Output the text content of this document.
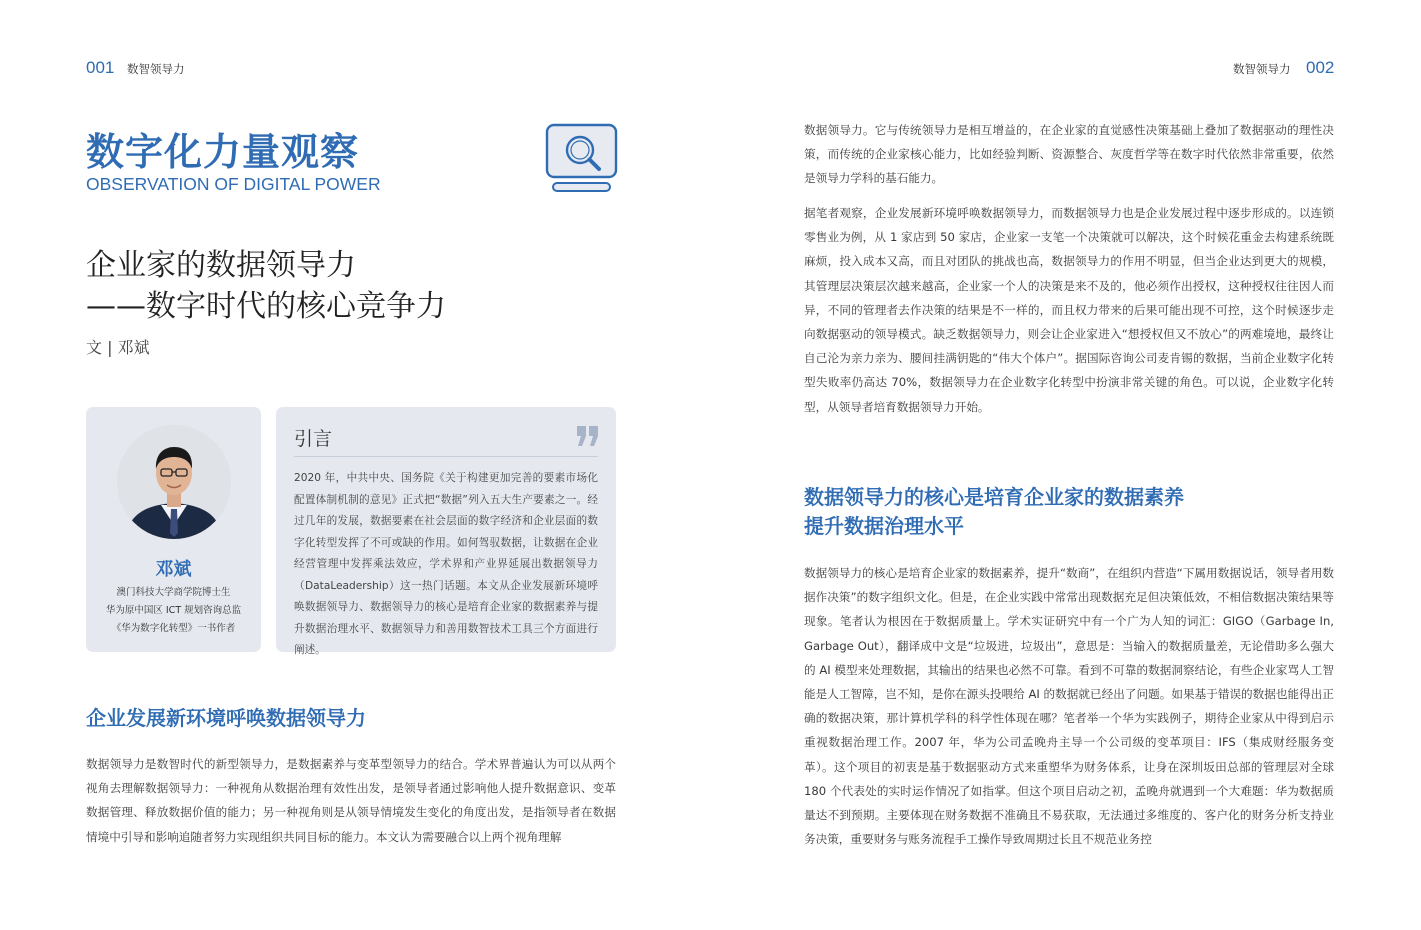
001 数智领导力	数智领导力 002
数字化力量观察
OBSERVATION OF DIGITAL POWER
企业家的数据领导力
——数字时代的核心竞争力
文 | 邓斌
邓斌
澳门科技大学商学院博士生
华为原中国区 ICT 规划咨询总监
《华为数字化转型》一书作者
引言
2020 年，中共中央、国务院《关于构建更加完善的要素市场化配置体制机制的意见》正式把“数据”列入五大生产要素之一。经过几年的发展，数据要素在社会层面的数字经济和企业层面的数字化转型发挥了不可或缺的作用。如何驾驭数据，让数据在企业经营管理中发挥乘法效应，学术界和产业界延展出数据领导力（DataLeadership）这一热门话题。本文从企业发展新环境呼唤数据领导力、数据领导力的核心是培育企业家的数据素养与提升数据治理水平、数据领导力和善用数智技术工具三个方面进行阐述。
企业发展新环境呼唤数据领导力
数据领导力是数智时代的新型领导力，是数据素养与变革型领导力的结合。学术界普遍认为可以从两个视角去理解数据领导力：一种视角从数据治理有效性出发，是领导者通过影响他人提升数据意识、变革数据管理、释放数据价值的能力；另一种视角则是从领导情境发生变化的角度出发，是指领导者在数据情境中引导和影响追随者努力实现组织共同目标的能力。本文认为需要融合以上两个视角理解
数据领导力。它与传统领导力是相互增益的，在企业家的直觉感性决策基础上叠加了数据驱动的理性决策，而传统的企业家核心能力，比如经验判断、资源整合、灰度哲学等在数字时代依然非常重要，依然是领导力学科的基石能力。
据笔者观察，企业发展新环境呼唤数据领导力，而数据领导力也是企业发展过程中逐步形成的。以连锁零售业为例，从 1 家店到 50 家店，企业家一支笔一个决策就可以解决，这个时候花重金去构建系统既麻烦，投入成本又高，而且对团队的挑战也高，数据领导力的作用不明显，但当企业达到更大的规模，其管理层决策层次越来越高，企业家一个人的决策是来不及的，他必须作出授权，这种授权往往因人而异，不同的管理者去作决策的结果是不一样的，而且权力带来的后果可能出现不可控，这个时候逐步走向数据驱动的领导模式。缺乏数据领导力，则会让企业家进入“想授权但又不放心”的两难境地，最终让自己沦为亲力亲为、腰间挂满钥匙的“伟大个体户”。据国际咨询公司麦肯锡的数据，当前企业数字化转型失败率仍高达 70%，数据领导力在企业数字化转型中扮演非常关键的角色。可以说，企业数字化转型，从领导者培育数据领导力开始。
数据领导力的核心是培育企业家的数据素养
提升数据治理水平
数据领导力的核心是培育企业家的数据素养，提升“数商”，在组织内营造“下属用数据说话，领导者用数据作决策”的数字组织文化。但是，在企业实践中常常出现数据充足但决策低效，不相信数据决策结果等现象。笔者认为根因在于数据质量上。学术实证研究中有一个广为人知的词汇：GIGO（Garbage In, Garbage Out），翻译成中文是“垃圾进，垃圾出”，意思是：当输入的数据质量差，无论借助多么强大的 AI 模型来处理数据，其输出的结果也必然不可靠。看到不可靠的数据洞察结论，有些企业家骂人工智能是人工智障，岂不知，是你在源头投喂给 AI 的数据就已经出了问题。如果基于错误的数据也能得出正确的数据决策，那计算机学科的科学性体现在哪？笔者举一个华为实践例子，期待企业家从中得到启示重视数据治理工作。2007 年，华为公司孟晚舟主导一个公司级的变革项目：IFS（集成财经服务变革）。这个项目的初衷是基于数据驱动方式来重塑华为财务体系，让身在深圳坂田总部的管理层对全球 180 个代表处的实时运作情况了如指掌。但这个项目启动之初，孟晚舟就遇到一个大难题：华为数据质量达不到预期。主要体现在财务数据不准确且不易获取，无法通过多维度的、客户化的财务分析支持业务决策，重要财务与账务流程手工操作导致周期过长且不规范业务控
